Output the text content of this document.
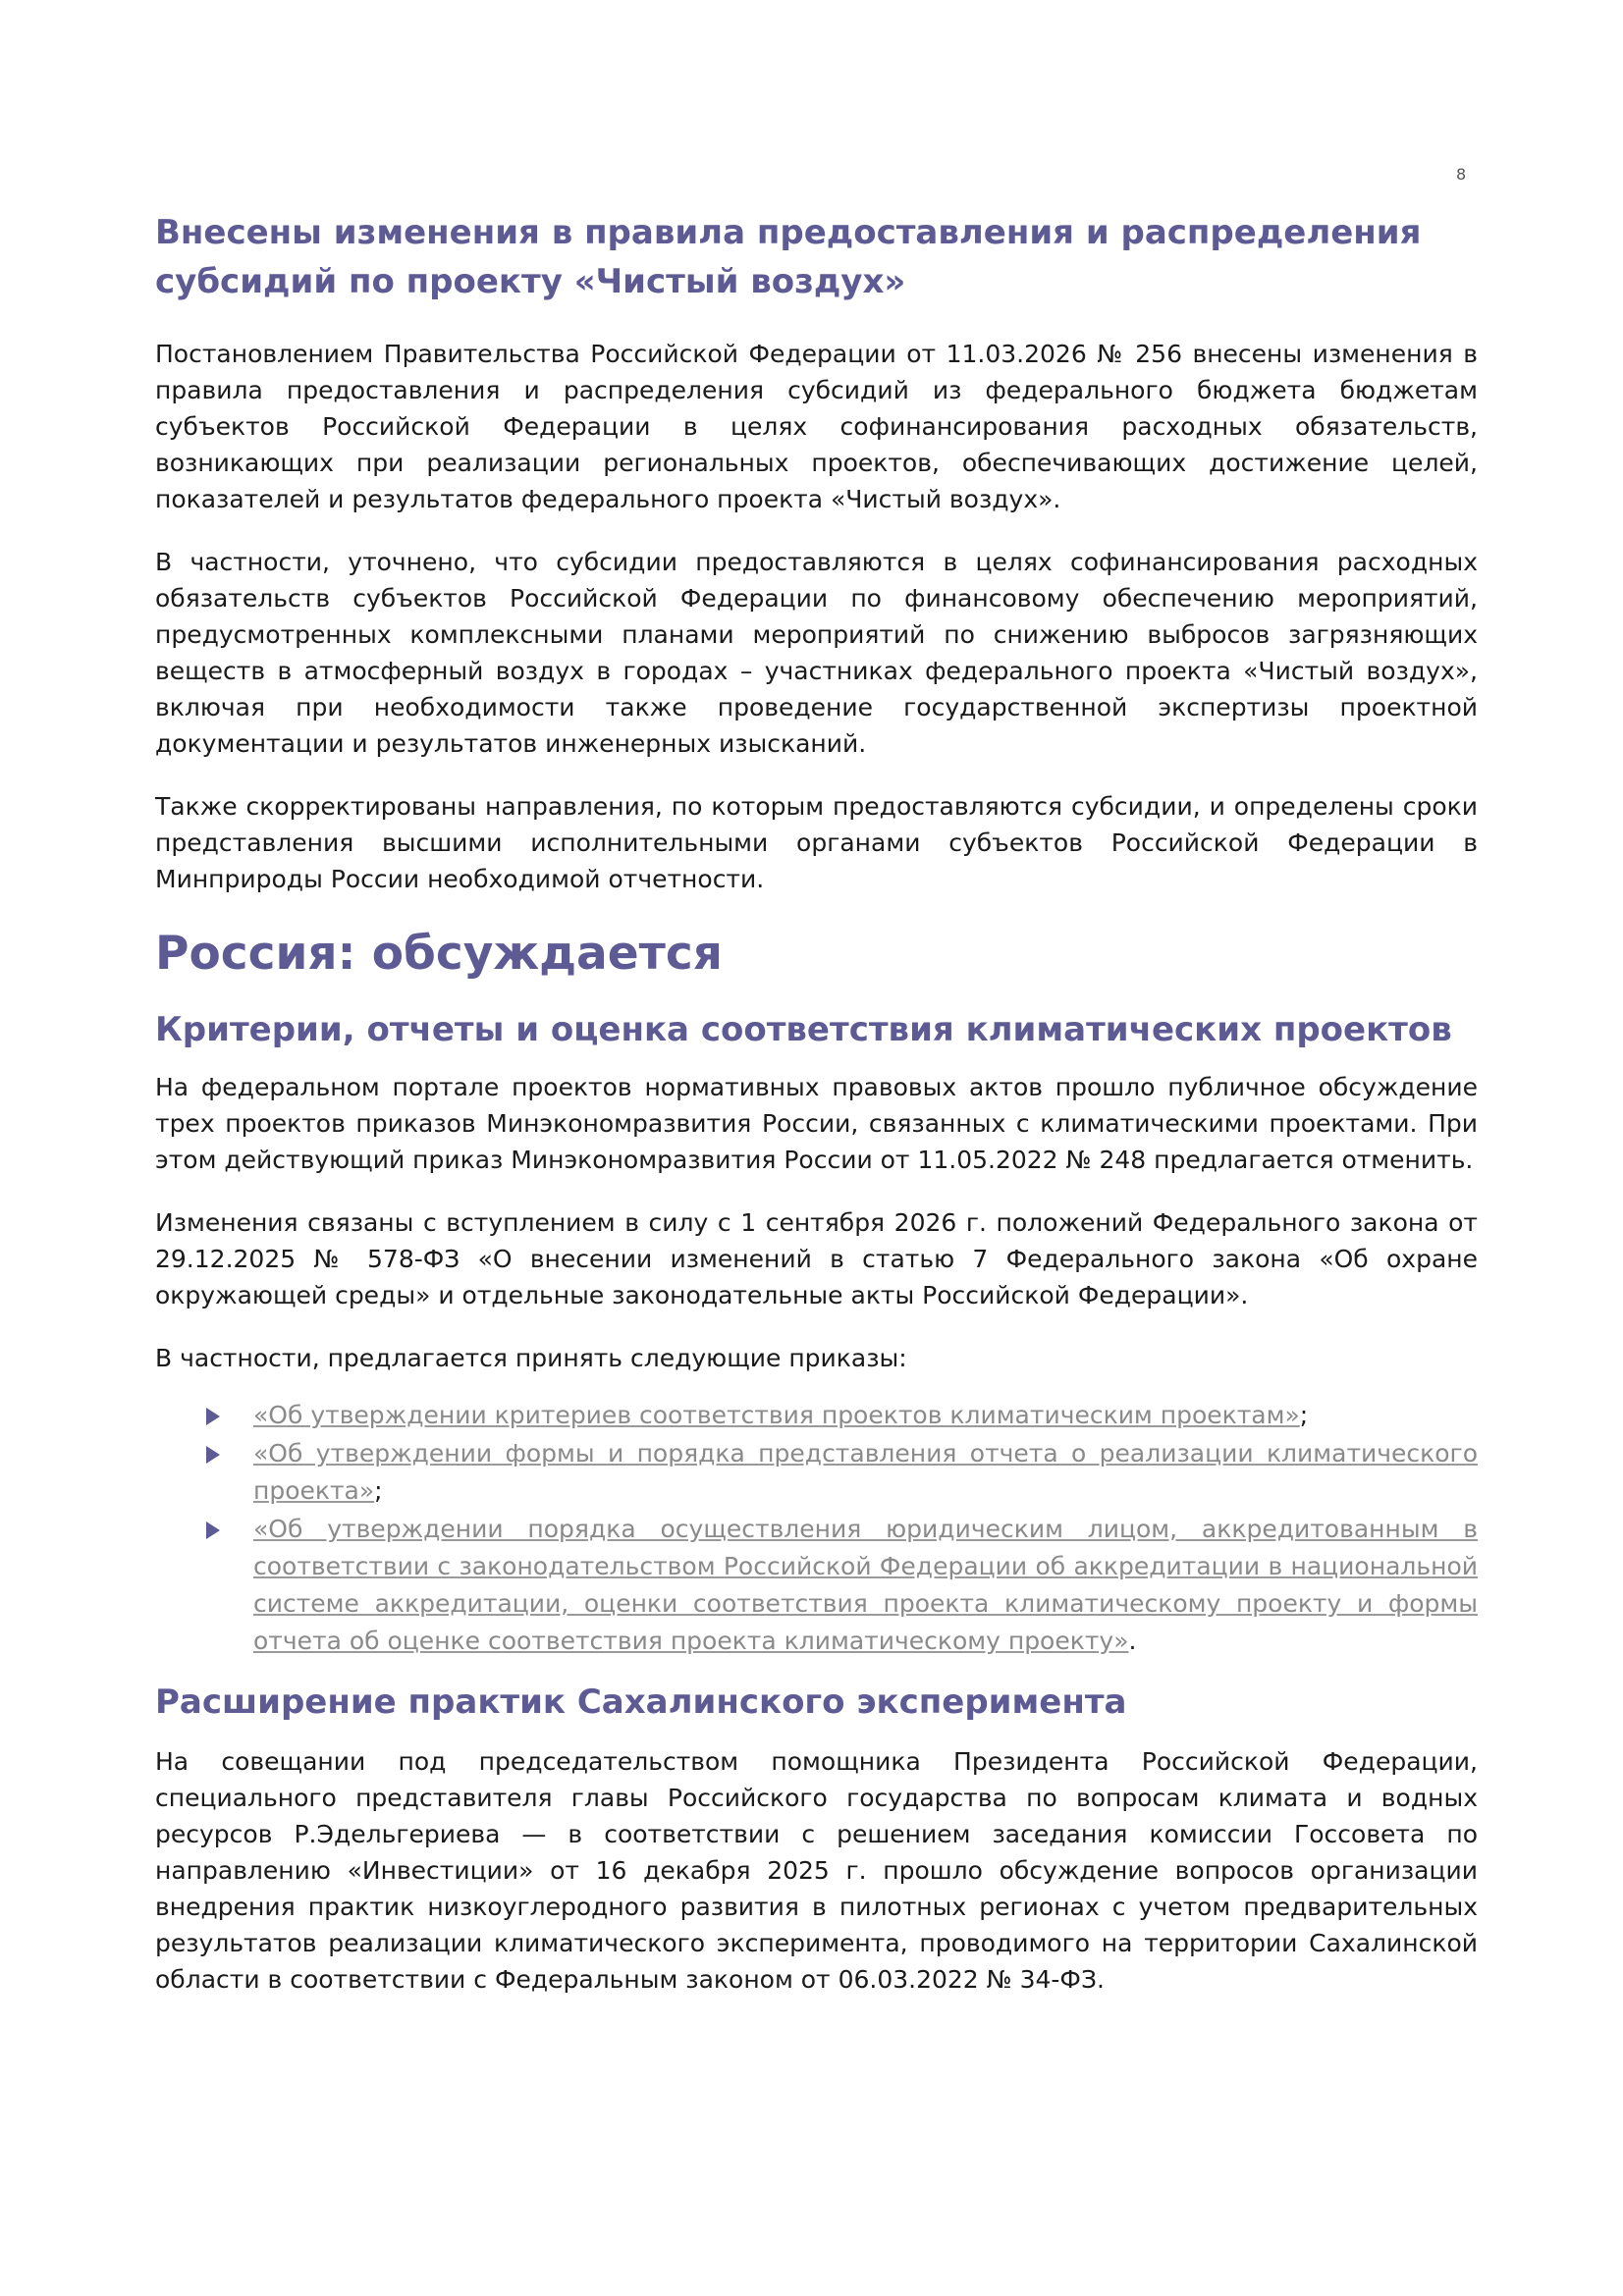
8
Внесены изменения в правила предоставления и распределения субсидий по проекту «Чистый воздух»

Постановлением Правительства Российской Федерации от 11.03.2026 № 256 внесены изменения в правила предоставления и распределения субсидий из федерального бюджета бюджетам субъектов Российской Федерации в целях софинансирования расходных обязательств, возникающих при реализации региональных проектов, обеспечивающих достижение целей, показателей и результатов федерального проекта «Чистый воздух».

В частности, уточнено, что субсидии предоставляются в целях софинансирования расходных обязательств субъектов Российской Федерации по финансовому обеспечению мероприятий, предусмотренных комплексными планами мероприятий по снижению выбросов загрязняющих веществ в атмосферный воздух в городах – участниках федерального проекта «Чистый воздух», включая при необходимости также проведение государственной экспертизы проектной документации и результатов инженерных изысканий.

Также скорректированы направления, по которым предоставляются субсидии, и определены сроки представления высшими исполнительными органами субъектов Российской Федерации в Минприроды России необходимой отчетности.

Россия: обсуждается
Критерии, отчеты и оценка соответствия климатических проектов

На федеральном портале проектов нормативных правовых актов прошло публичное обсуждение трех проектов приказов Минэкономразвития России, связанных с климатическими проектами. При этом действующий приказ Минэкономразвития России от 11.05.2022 № 248 предлагается отменить.

Изменения связаны с вступлением в силу с 1 сентября 2026 г. положений Федерального закона от 29.12.2025 № 578-ФЗ «О внесении изменений в статью 7 Федерального закона «Об охране окружающей среды» и отдельные законодательные акты Российской Федерации».

В частности, предлагается принять следующие приказы:

«Об утверждении критериев соответствия проектов климатическим проектам»;
«Об утверждении формы и порядка представления отчета о реализации климатического проекта»;
«Об утверждении порядка осуществления юридическим лицом, аккредитованным в соответствии с законодательством Российской Федерации об аккредитации в национальной системе аккредитации, оценки соответствия проекта климатическому проекту и формы отчета об оценке соответствия проекта климатическому проекту».
Расширение практик Сахалинского эксперимента

На совещании под председательством помощника Президента Российской Федерации, специального представителя главы Российского государства по вопросам климата и водных ресурсов Р.Эдельгериева — в соответствии с решением заседания комиссии Госсовета по направлению «Инвестиции» от 16 декабря 2025 г. прошло обсуждение вопросов организации внедрения практик низкоуглеродного развития в пилотных регионах с учетом предварительных результатов реализации климатического эксперимента, проводимого на территории Сахалинской области в соответствии с Федеральным законом от 06.03.2022 № 34-ФЗ.
